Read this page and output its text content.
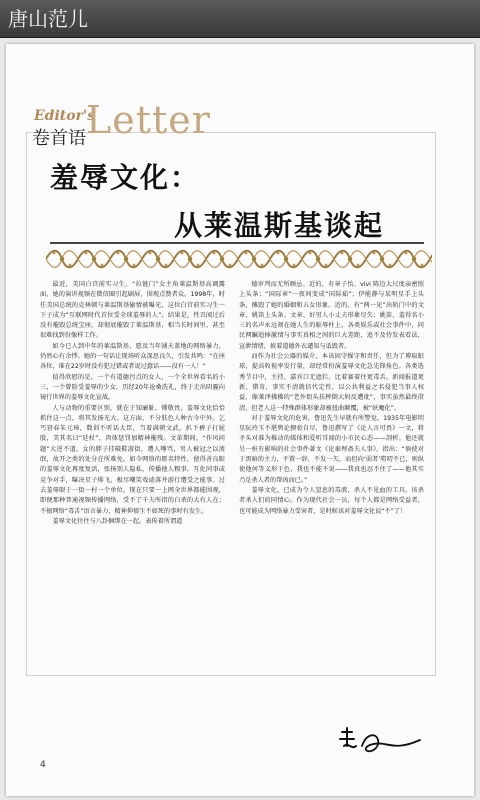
唐山范儿
Editor's
卷首语 Letter
羞辱文化：
从莱温斯基谈起

最近，美国白宫前实习生、“拉链门”女主角莱温斯基高调露面，她的演讲视频在微信圈引起刷屏，围观点赞者众。1998年，时任美国总统的克林顿与莱温斯基偷情被曝光，这位白宫前实习生一下子成为“互联网时代首位受全球羞辱的人”。结果是，性丑闻过后没有摧毁总统宝座，却彻底摧毁了莱温斯基，相当长时间里，甚至很难找到份像样工作。

如今已人到中年的莱温斯基，愿及当年铺天盖地的网络暴力，仍然心有余悸。她的一句话让现场听众深思良久，引发共鸣：“在座各位，谁在22岁时没有犯过错或者说过蠢话——没有一人！”

值得欣慰的是，一个有道德污点的女人，一个全世界看名的小三，一个曾险受羞辱的少女，历经20年沧桑洗礼，终于走出阴霾向镜行世界的羞辱文化宣战。

人与动物的重要区别，就在于知廉耻、懂敬畏，羞辱文化恰恰抓住这一点，将其发扬光大。这方面，不分肤色人种古今中外。乞丐窘春朱元璋，数训不听话大臣，当着满朝文武，扒下裤子打屁股，美其名曰“廷杖”，肉体惩罚加精神摧残。文革期间，“作风问题”大逆不道，女的脖子挂破鞋游街，遭人唾骂，男人被冠之以流氓，故开之类的处分在所难免。如今网络的匿名特性，使得善良眼的羞辱文化再度复活，张扬别人隐私，传播他人糗事，互化同事或竞争对手，曝决星子绯飞，极尽嘲笑戏谑落井游行遭受之能事。过去羞辱限于一街一村一个单位，现在只要一上网全世界都能围观，即便那种普通视频传播网络，受不了千夫所指的白杀的大有人在；不擅网络“毒舌”语言暴力，精神抑郁生不如死的事时有发生。

羞辱文化往往与八卦捆绑在一起，表传着所谓道

德审判而无所顾忌。近的，有章子怡、vivi 陈边大尺度亲密照上头条；“国际章”一夜间变成“国际茹”；伊能静与某明星手上头条，摊毁了她的婚姻和五女形象。近的，有“两一见”出轨门中的文章、姚笛上头条。文章、好男人小丈夫形象尽失；姚笛，羞得名小三的名声永远刻在她人生的耻辱柱上。各类娱乐或社会事件中，同民网瞩追捧激情与事实真相之间的巨大差距，追不及待发表看法，宣泄情绪，披着道德外衣谴知与诋毁者。

而作为社会公器的媒介，本该固守操守和责任，但为了博取眼球，提高收视率发行量，却经常扮演羞辱文化急先锋角色。各类选秀节目中，主持、嘉宾口无遮拦，比着赛着往更毒舌。新闻报道更新、猎奇，事实不清就信代定性，以公共利益之名侵犯当事人权益，像莱泽拂拂的“老外街头扶摔倒大妈反遭讹”，事实虽然最终澄清，但老人这一特殊群体形象却被扭曲颠覆，被“妖魔化”。

对于羞辱文化的危害，鲁迅先生早就有所警觉。1935年电影明星阮玲玉不堪舆论猥亵自尽，鲁迅撰写了《论人言可畏》一文，将矛头对准为推动的媒体和爱听耳闻的小市民心态——剖析。他还就另一桩有影响的社会事件著文《论秦理斋夫人事》，指出：“倘使对于黑暗的主力，不置一辞，不发一矢，而但向‘弱者’唠叨不已，则纵使他何等义形于色，我也不能不说——我真也忍不住了——他其实乃是杀人者的帮凶而已。”

羞辱文化，已成为令人窒息的毒液，杀人不见血的工具，该杀者杀人们的同情心。作为现代社会一员，每个人都是网络受益者，也可能成为网络暴力受害者，是时候该对羞辱文化说“不”了！

4
